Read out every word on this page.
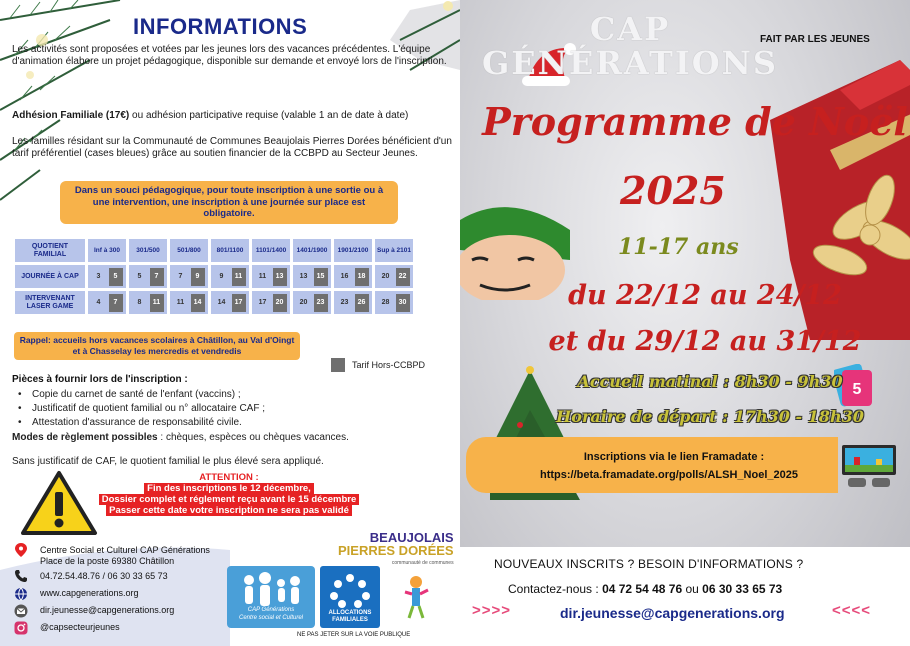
INFORMATIONS
Les activités sont proposées et votées par les jeunes lors des vacances précédentes. L'équipe d'animation élabore un projet pédagogique, disponible sur demande et envoyé lors de l'inscription.
Adhésion Familiale (17€) ou adhésion participative requise (valable 1 an de date à date)
Les familles résidant sur la Communauté de Communes Beaujolais Pierres Dorées bénéficient d'un tarif préférentiel (cases bleues) grâce au soutien financier de la CCBPD au Secteur Jeunes.
Dans un souci pédagogique, pour toute inscription à une sortie ou à une intervention, une inscription à une journée sur place est obligatoire.
QUOTIENT FAMILIAL	Inf à 300	301/500	501/800	801/1100	1101/1400	1401/1900	1901/2100	Sup à 2101
JOURNÉE À CAP	3 5	5 7	7 9	9 11	11 13	13 15	16 18	20 22
INTERVENANT LASER GAME	4 7	8 11	11 14	14 17	17 20	20 23	23 26	28 30
Rappel: accueils hors vacances scolaires à Châtillon, au Val d'Oingt et à Chasselay les mercredis et vendredis
Tarif Hors-CCBPD
Pièces à fournir lors de l'inscription :
• Copie du carnet de santé de l'enfant (vaccins) ;
• Justificatif de quotient familial ou n° allocataire CAF ;
• Attestation d'assurance de responsabilité civile.
Modes de règlement possibles : chèques, espèces ou chèques vacances.
Sans justificatif de CAF, le quotient familial le plus élevé sera appliqué.
ATTENTION :
Fin des inscriptions le 12 décembre,
Dossier complet et réglement reçu avant le 15 décembre
Passer cette date votre inscription ne sera pas validé
Centre Social et Culturel CAP Générations
Place de la poste 69380 Châtillon
04.72.54.48.76 / 06 30 33 65 73
www.capgenerations.org
dir.jeunesse@capgenerations.org
@capsecteurjeunes
BEAUJOLAIS
PIERRES DORÉES
communauté de communes
CAP Générations
Centre social et Culturel
ALLOCATIONS FAMILIALES
NE PAS JETER SUR LA VOIE PUBLIQUE
5
CAP
GÉNÉRATIONS
FAIT PAR LES JEUNES
Programme de Noël
2025
11-17 ans
du 22/12 au 24/12
et du 29/12 au 31/12
Accueil matinal : 8h30 - 9h30
Horaire de départ : 17h30 - 18h30
Inscriptions via le lien Framadate :
https://beta.framadate.org/polls/ALSH_Noel_2025
NOUVEAUX INSCRITS ? BESOIN D'INFORMATIONS ?
Contactez-nous : 04 72 54 48 76 ou 06 30 33 65 73
>>>>	dir.jeunesse@capgenerations.org	<<<<
